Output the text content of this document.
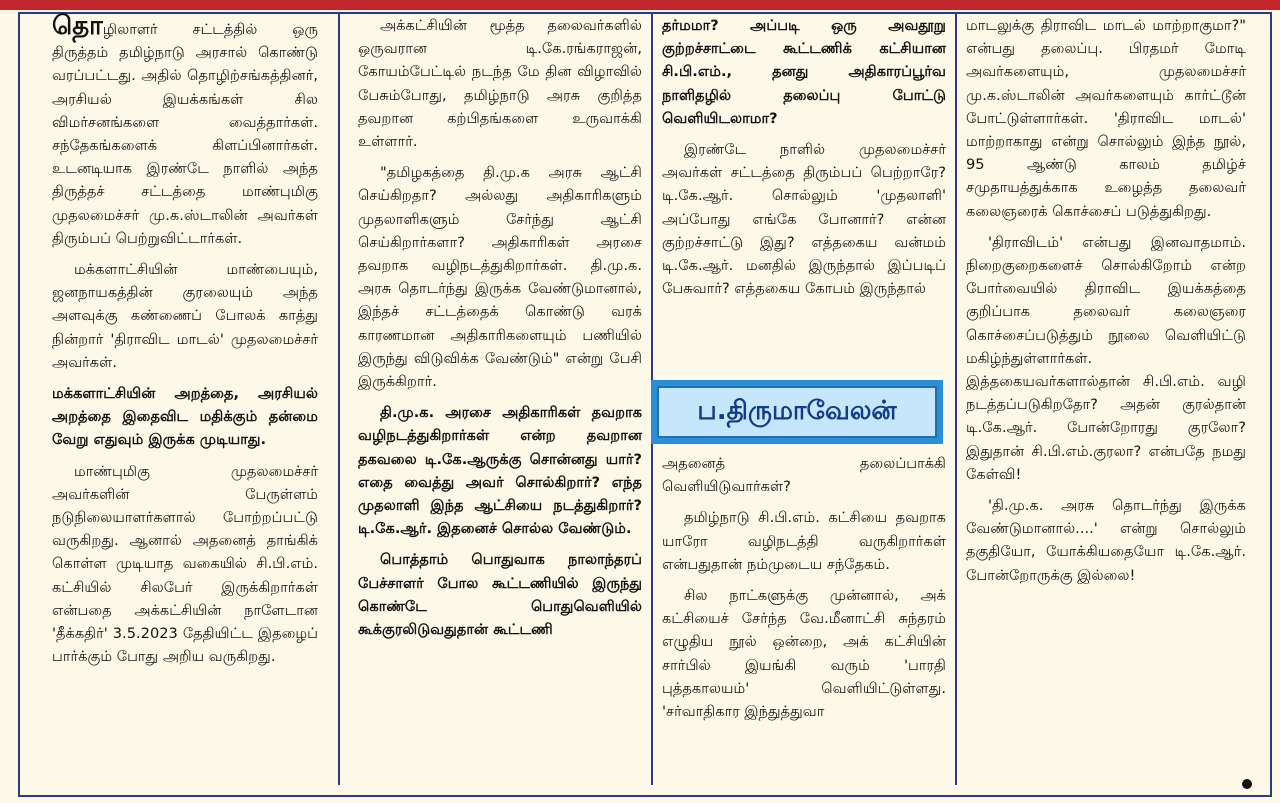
தொழிலாளர் சட்டத்தில் ஒரு திருத்தம் தமிழ்நாடு அரசால் கொண்டு வரப்பட்டது. அதில் தொழிற்சங்கத்தினர், அரசியல் இயக்கங்கள் சில விமர்சனங்களை வைத்தார்கள். சந்தேகங்களைக் கிளப்பினார்கள். உடனடியாக இரண்டே நாளில் அந்த திருத்தச் சட்டத்தை மாண்புமிகு முதலமைச்சர் மு.க.ஸ்டாலின் அவர்கள் திரும்பப் பெற்றுவிட்டார்கள்.

மக்களாட்சியின் மாண்பையும், ஜனநாயகத்தின் குரலையும் அந்த அளவுக்கு கண்ணைப் போலக் காத்து நின்றார் 'திராவிட மாடல்' முதலமைச்சர் அவர்கள்.

மக்களாட்சியின் அறத்தை, அரசியல் அறத்தை இதைவிட மதிக்கும் தன்மை வேறு எதுவும் இருக்க முடியாது.

மாண்புமிகு முதலமைச்சர் அவர்களின் பேருள்ளம் நடுநிலையாளர்களால் போற்றப்பட்டு வருகிறது. ஆனால் அதனைத் தாங்கிக் கொள்ள முடியாத வகையில் சி.பி.எம். கட்சியில் சிலபேர் இருக்கிறார்கள் என்பதை அக்கட்சியின் நாளேடான 'தீக்கதிர்' 3.5.2023 தேதியிட்ட இதழைப் பார்க்கும் போது அறிய வருகிறது.

அக்கட்சியின் மூத்த தலைவர்களில் ஒருவரான டி.கே.ரங்கராஜன், கோயம்பேட்டில் நடந்த மே தின விழாவில் பேசும்போது, தமிழ்நாடு அரசு குறித்த தவறான கற்பிதங்களை உருவாக்கி உள்ளார்.

"தமிழகத்தை தி.மு.க அரசு ஆட்சி செய்கிறதா? அல்லது அதிகாரிகளும் முதலாளிகளும் சேர்ந்து ஆட்சி செய்கிறார்களா? அதிகாரிகள் அரசை தவறாக வழிநடத்துகிறார்கள். தி.மு.க. அரசு தொடர்ந்து இருக்க வேண்டுமானால், இந்தச் சட்டத்தைக் கொண்டு வரக் காரணமான அதிகாரிகளையும் பணியில் இருந்து விடுவிக்க வேண்டும்" என்று பேசி இருக்கிறார்.

தி.மு.க. அரசை அதிகாரிகள் தவறாக வழிநடத்துகிறார்கள் என்ற தவறான தகவலை டி.கே.ஆருக்கு சொன்னது யார்? எதை வைத்து அவர் சொல்கிறார்? எந்த முதலாளி இந்த ஆட்சியை நடத்துகிறார்? டி.கே.ஆர். இதனைச் சொல்ல வேண்டும்.

பொத்தாம் பொதுவாக நாலாந்தரப் பேச்சாளர் போல கூட்டணியில் இருந்து கொண்டே பொதுவெளியில் கூக்குரலிடுவதுதான் கூட்டணி

தர்மமா? அப்படி ஒரு அவதூறு குற்றச்சாட்டை கூட்டணிக் கட்சியான சி.பி.எம்., தனது அதிகாரப்பூர்வ நாளிதழில் தலைப்பு போட்டு வெளியிடலாமா?

இரண்டே நாளில் முதலமைச்சர் அவர்கள் சட்டத்தை திரும்பப் பெற்றாரே? டி.கே.ஆர். சொல்லும் 'முதலாளி' அப்போது எங்கே போனார்? என்ன குற்றச்சாட்டு இது? எத்தகைய வன்மம் டி.கே.ஆர். மனதில் இருந்தால் இப்படிப் பேசுவார்? எத்தகைய கோபம் இருந்தால்

ப.திருமாவேலன்

அதனைத் தலைப்பாக்கி வெளியிடுவார்கள்?

தமிழ்நாடு சி.பி.எம். கட்சியை தவறாக யாரோ வழிநடத்தி வருகிறார்கள் என்பதுதான் நம்முடைய சந்தேகம்.

சில நாட்களுக்கு முன்னால், அக் கட்சியைச் சேர்ந்த வே.மீனாட்சி சுந்தரம் எழுதிய நூல் ஒன்றை, அக் கட்சியின் சார்பில் இயங்கி வரும் 'பாரதி புத்தகாலயம்' வெளியிட்டுள்ளது. 'சர்வாதிகார இந்துத்துவா

மாடலுக்கு திராவிட மாடல் மாற்றாகுமா?" என்பது தலைப்பு. பிரதமர் மோடி அவர்களையும், முதலமைச்சர் மு.க.ஸ்டாலின் அவர்களையும் கார்ட்டூன் போட்டுள்ளார்கள். 'திராவிட மாடல்' மாற்றாகாது என்று சொல்லும் இந்த நூல், 95 ஆண்டு காலம் தமிழ்ச் சமுதாயத்துக்காக உழைத்த தலைவர் கலைஞரைக் கொச்சைப் படுத்துகிறது.

'திராவிடம்' என்பது இனவாதமாம். நிறைகுறைகளைச் சொல்கிறோம் என்ற போர்வையில் திராவிட இயக்கத்தை குறிப்பாக தலைவர் கலைஞரை கொச்சைப்படுத்தும் நூலை வெளியிட்டு மகிழ்ந்துள்ளார்கள். இத்தகையவர்களால்தான் சி.பி.எம். வழி நடத்தப்படுகிறதோ? அதன் குரல்தான் டி.கே.ஆர். போன்றோரது குரலோ? இதுதான் சி.பி.எம்.குரலா? என்பதே நமது கேள்வி!

'தி.மு.க. அரசு தொடர்ந்து இருக்க வேண்டுமானால்....' என்று சொல்லும் தகுதியோ, யோக்கியதையோ டி.கே.ஆர். போன்றோருக்கு இல்லை!
